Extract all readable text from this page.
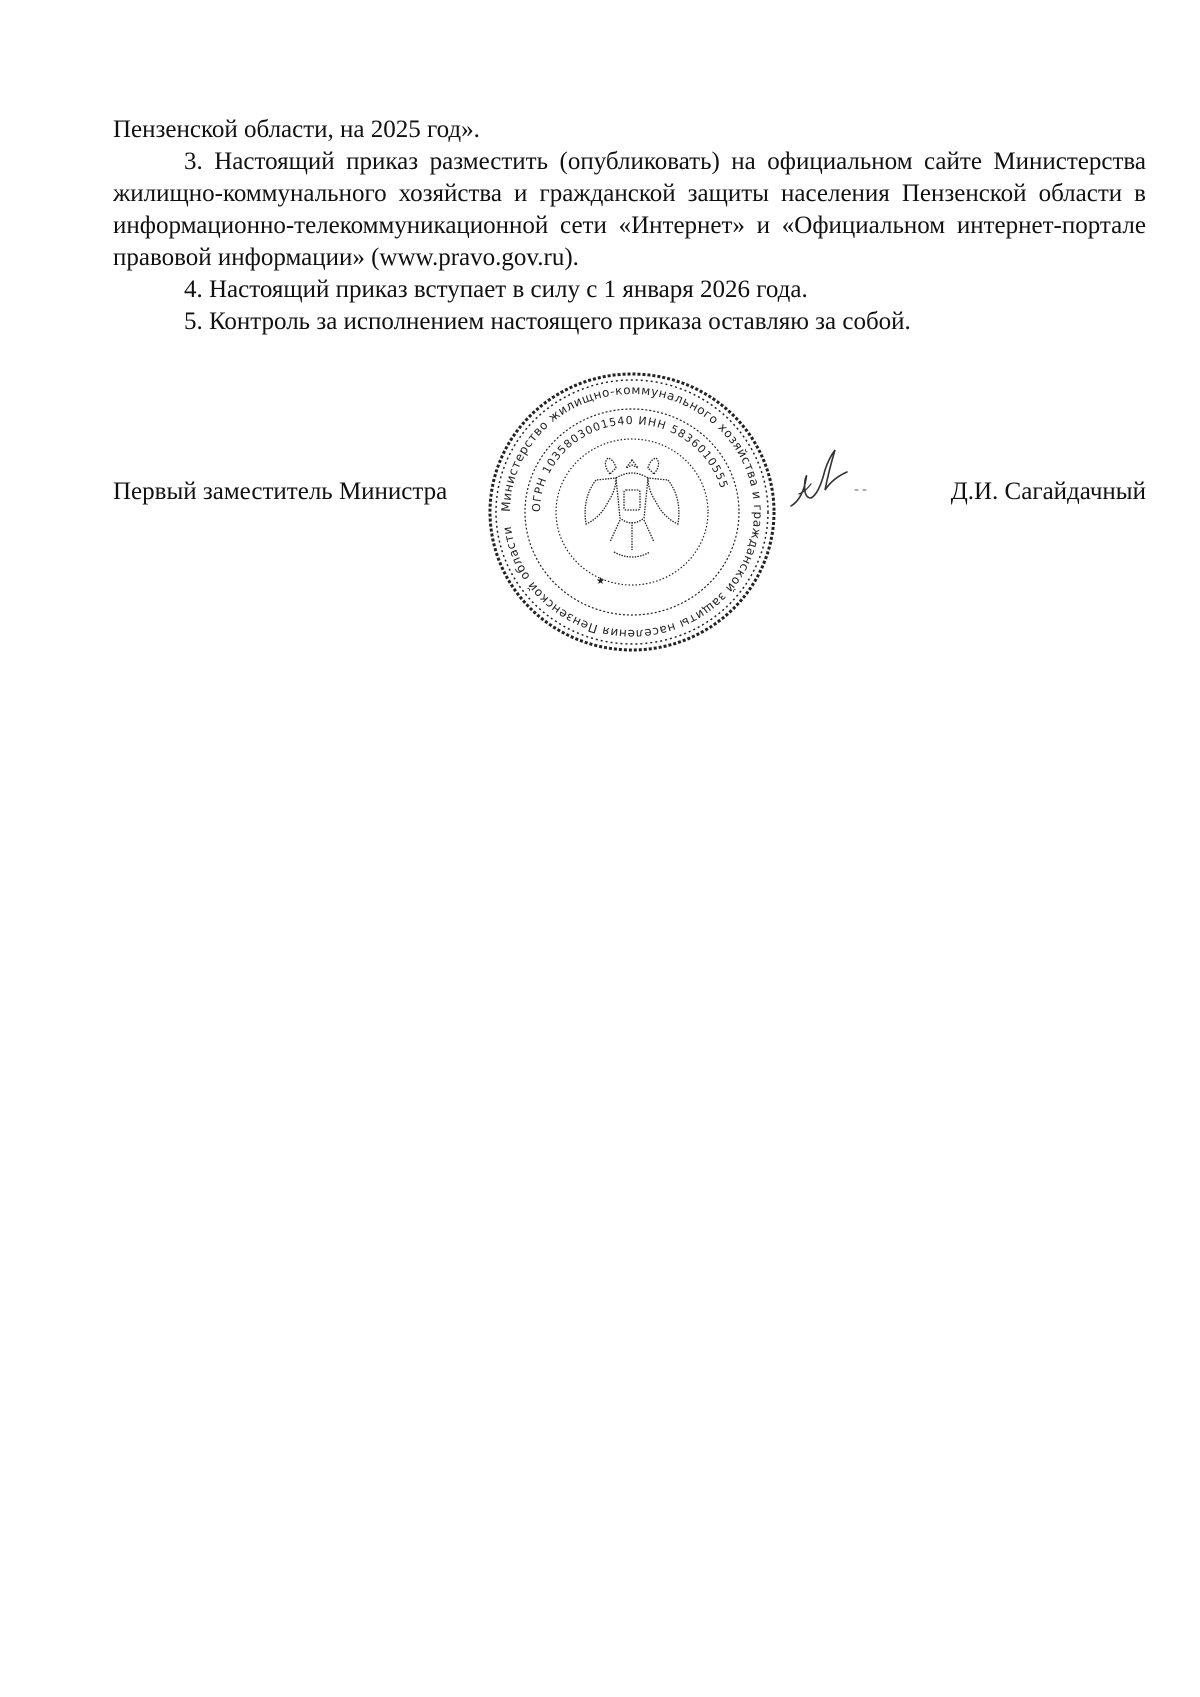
Пензенской области, на 2025 год».

3. Настоящий приказ разместить (опубликовать) на официальном сайте Министерства жилищно-коммунального хозяйства и гражданской защиты населения Пензенской области в информационно-телекоммуникационной сети «Интернет» и «Официальном интернет-портале правовой информации» (www.pravo.gov.ru).

4. Настоящий приказ вступает в силу с 1 января 2026 года.

5. Контроль за исполнением настоящего приказа оставляю за собой.

Министерство жилищно-коммунального хозяйства и гражданской защиты населения Пензенской области
ОГРН 1035803001540 ИНН 5836010555
★
Первый заместитель Министра	Д.И. Сагайдачный
